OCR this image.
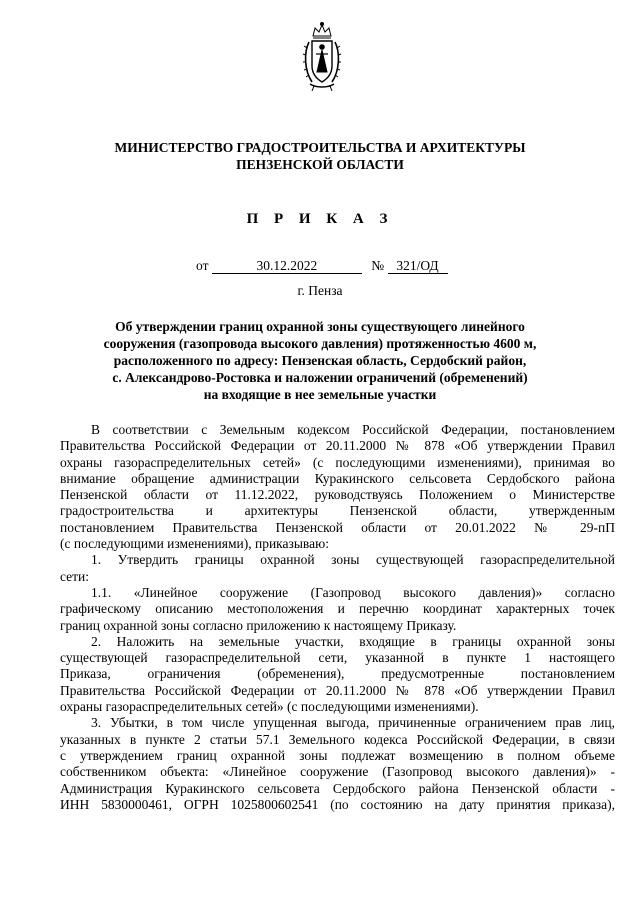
МИНИСТЕРСТВО ГРАДОСТРОИТЕЛЬСТВА И АРХИТЕКТУРЫ
ПЕНЗЕНСКОЙ ОБЛАСТИ
П Р И К А З
от	30.12.2022	№ 321/ОД
г. Пенза
Об утверждении границ охранной зоны существующего линейного
сооружения (газопровода высокого давления) протяженностью 4600 м,
расположенного по адресу: Пензенская область, Сердобский район,
с. Александрово-Ростовка и наложении ограничений (обременений)
на входящие в нее земельные участки
В соответствии с Земельным кодексом Российской Федерации, постановлением
Правительства Российской Федерации от 20.11.2000 № 878 «Об утверждении Правил
охраны газораспределительных сетей» (с последующими изменениями), принимая во
внимание обращение администрации Куракинского сельсовета Сердобского района
Пензенской области от 11.12.2022, руководствуясь Положением о Министерстве
градостроительства и архитектуры Пензенской области, утвержденным
постановлением Правительства Пензенской области от 20.01.2022 № 29-пП
(с последующими изменениями), приказываю:
1. Утвердить границы охранной зоны существующей газораспределительной
сети:
1.1. «Линейное сооружение (Газопровод высокого давления)» согласно
графическому описанию местоположения и перечню координат характерных точек
границ охранной зоны согласно приложению к настоящему Приказу.
2. Наложить на земельные участки, входящие в границы охранной зоны
существующей газораспределительной сети, указанной в пункте 1 настоящего
Приказа, ограничения (обременения), предусмотренные постановлением
Правительства Российской Федерации от 20.11.2000 № 878 «Об утверждении Правил
охраны газораспределительных сетей» (с последующими изменениями).
3. Убытки, в том числе упущенная выгода, причиненные ограничением прав лиц,
указанных в пункте 2 статьи 57.1 Земельного кодекса Российской Федерации, в связи
с утверждением границ охранной зоны подлежат возмещению в полном объеме
собственником объекта: «Линейное сооружение (Газопровод высокого давления)» -
Администрация Куракинского сельсовета Сердобского района Пензенской области -
ИНН 5830000461, ОГРН 1025800602541 (по состоянию на дату принятия приказа),
